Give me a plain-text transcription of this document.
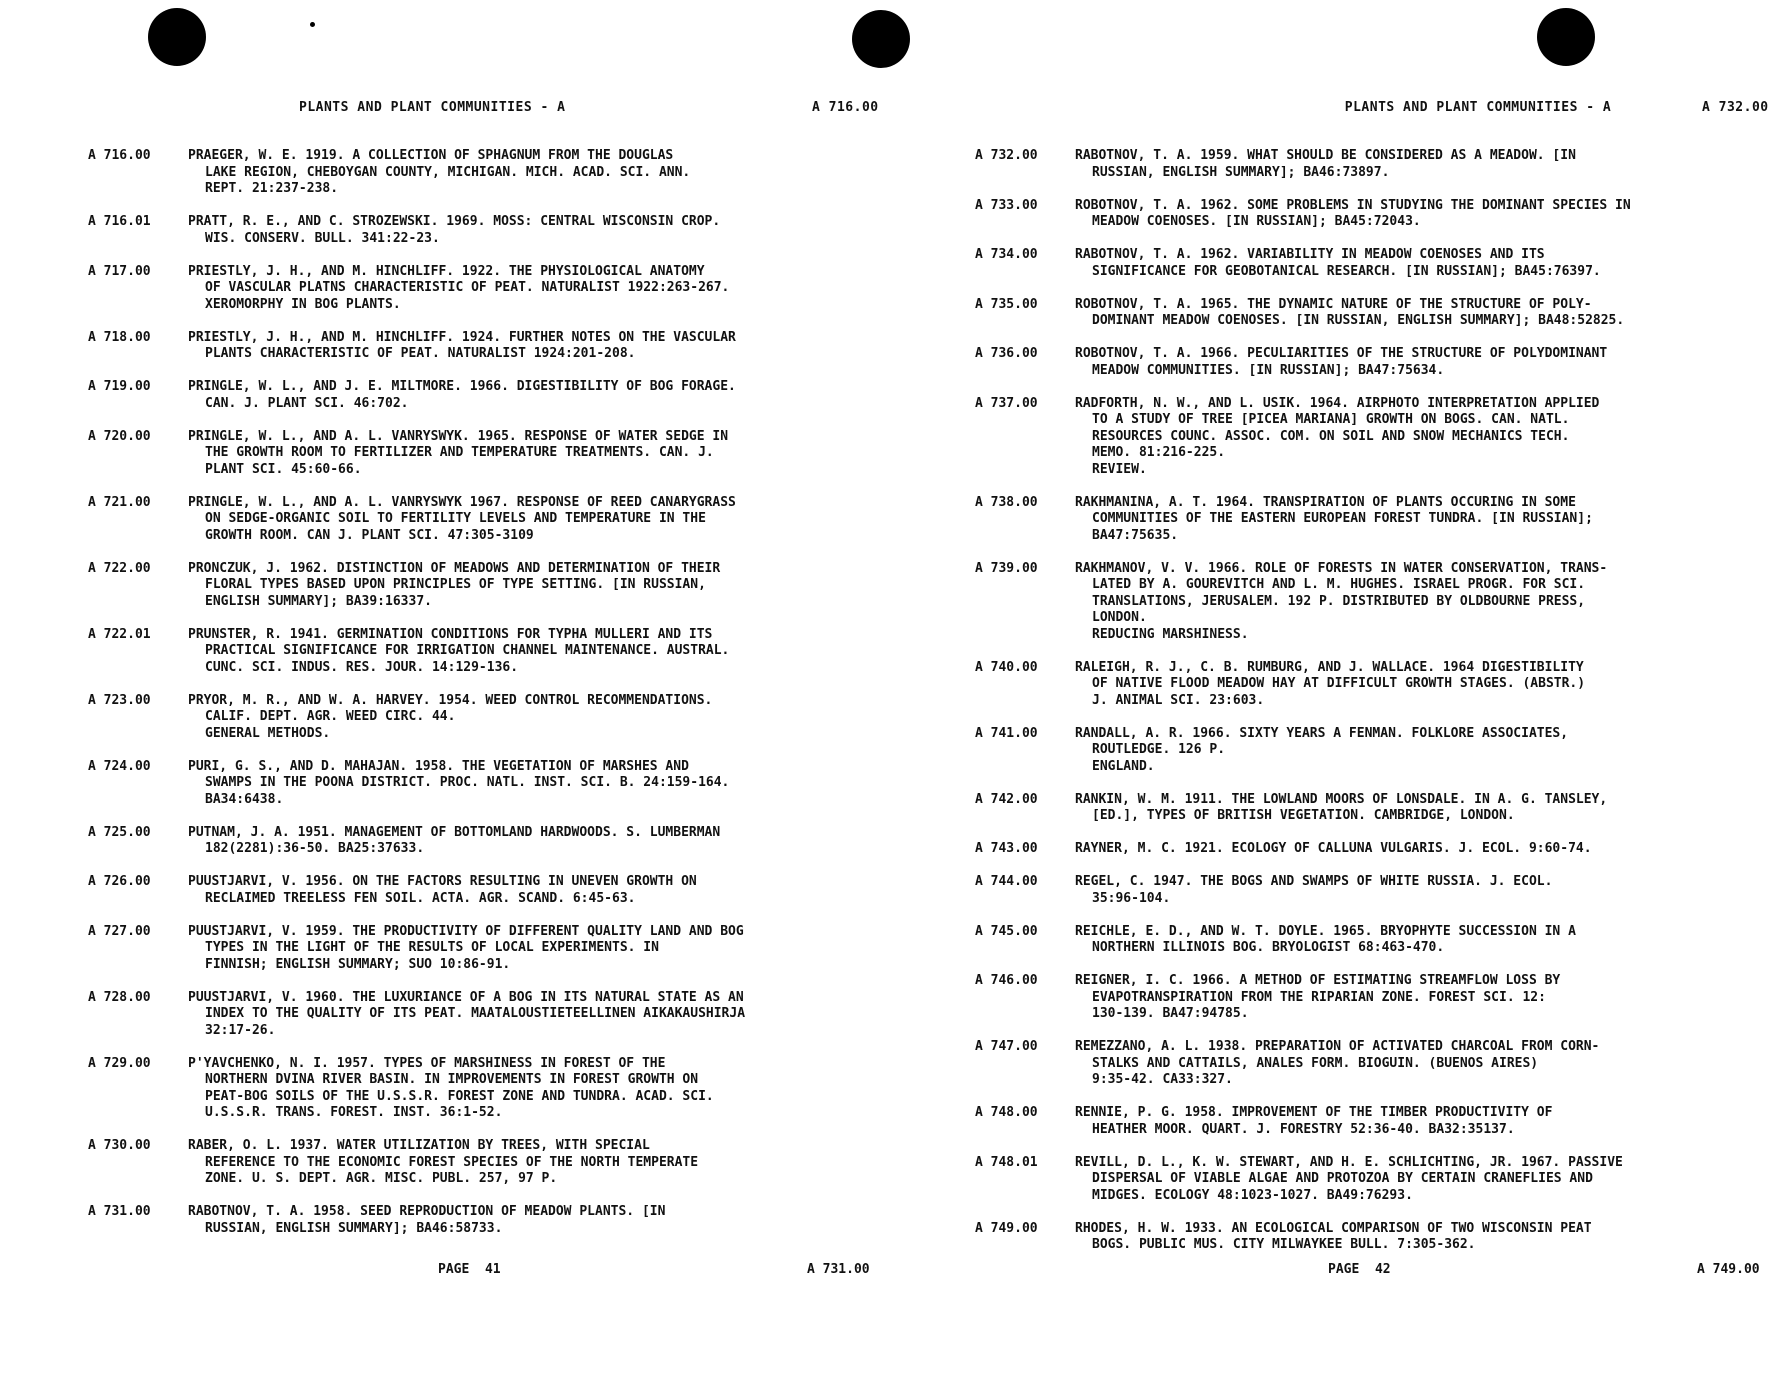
PLANTS AND PLANT COMMUNITIES - A	A 716.00
A 716.00	PRAEGER, W. E. 1919. A COLLECTION OF SPHAGNUM FROM THE DOUGLAS
LAKE REGION, CHEBOYGAN COUNTY, MICHIGAN. MICH. ACAD. SCI. ANN.
REPT. 21:237-238.
A 716.01	PRATT, R. E., AND C. STROZEWSKI. 1969. MOSS: CENTRAL WISCONSIN CROP.
WIS. CONSERV. BULL. 341:22-23.
A 717.00	PRIESTLY, J. H., AND M. HINCHLIFF. 1922. THE PHYSIOLOGICAL ANATOMY
OF VASCULAR PLATNS CHARACTERISTIC OF PEAT. NATURALIST 1922:263-267.
XEROMORPHY IN BOG PLANTS.
A 718.00	PRIESTLY, J. H., AND M. HINCHLIFF. 1924. FURTHER NOTES ON THE VASCULAR
PLANTS CHARACTERISTIC OF PEAT. NATURALIST 1924:201-208.
A 719.00	PRINGLE, W. L., AND J. E. MILTMORE. 1966. DIGESTIBILITY OF BOG FORAGE.
CAN. J. PLANT SCI. 46:702.
A 720.00	PRINGLE, W. L., AND A. L. VANRYSWYK. 1965. RESPONSE OF WATER SEDGE IN
THE GROWTH ROOM TO FERTILIZER AND TEMPERATURE TREATMENTS. CAN. J.
PLANT SCI. 45:60-66.
A 721.00	PRINGLE, W. L., AND A. L. VANRYSWYK 1967. RESPONSE OF REED CANARYGRASS
ON SEDGE-ORGANIC SOIL TO FERTILITY LEVELS AND TEMPERATURE IN THE
GROWTH ROOM. CAN J. PLANT SCI. 47:305-3109
A 722.00	PRONCZUK, J. 1962. DISTINCTION OF MEADOWS AND DETERMINATION OF THEIR
FLORAL TYPES BASED UPON PRINCIPLES OF TYPE SETTING. [IN RUSSIAN,
ENGLISH SUMMARY]; BA39:16337.
A 722.01	PRUNSTER, R. 1941. GERMINATION CONDITIONS FOR TYPHA MULLERI AND ITS
PRACTICAL SIGNIFICANCE FOR IRRIGATION CHANNEL MAINTENANCE. AUSTRAL.
CUNC. SCI. INDUS. RES. JOUR. 14:129-136.
A 723.00	PRYOR, M. R., AND W. A. HARVEY. 1954. WEED CONTROL RECOMMENDATIONS.
CALIF. DEPT. AGR. WEED CIRC. 44.
GENERAL METHODS.
A 724.00	PURI, G. S., AND D. MAHAJAN. 1958. THE VEGETATION OF MARSHES AND
SWAMPS IN THE POONA DISTRICT. PROC. NATL. INST. SCI. B. 24:159-164.
BA34:6438.
A 725.00	PUTNAM, J. A. 1951. MANAGEMENT OF BOTTOMLAND HARDWOODS. S. LUMBERMAN
182(2281):36-50. BA25:37633.
A 726.00	PUUSTJARVI, V. 1956. ON THE FACTORS RESULTING IN UNEVEN GROWTH ON
RECLAIMED TREELESS FEN SOIL. ACTA. AGR. SCAND. 6:45-63.
A 727.00	PUUSTJARVI, V. 1959. THE PRODUCTIVITY OF DIFFERENT QUALITY LAND AND BOG
TYPES IN THE LIGHT OF THE RESULTS OF LOCAL EXPERIMENTS. IN
FINNISH; ENGLISH SUMMARY; SUO 10:86-91.
A 728.00	PUUSTJARVI, V. 1960. THE LUXURIANCE OF A BOG IN ITS NATURAL STATE AS AN
INDEX TO THE QUALITY OF ITS PEAT. MAATALOUSTIETEELLINEN AIKAKAUSHIRJA
32:17-26.
A 729.00	P'YAVCHENKO, N. I. 1957. TYPES OF MARSHINESS IN FOREST OF THE
NORTHERN DVINA RIVER BASIN. IN IMPROVEMENTS IN FOREST GROWTH ON
PEAT-BOG SOILS OF THE U.S.S.R. FOREST ZONE AND TUNDRA. ACAD. SCI.
U.S.S.R. TRANS. FOREST. INST. 36:1-52.
A 730.00	RABER, O. L. 1937. WATER UTILIZATION BY TREES, WITH SPECIAL
REFERENCE TO THE ECONOMIC FOREST SPECIES OF THE NORTH TEMPERATE
ZONE. U. S. DEPT. AGR. MISC. PUBL. 257, 97 P.
A 731.00	RABOTNOV, T. A. 1958. SEED REPRODUCTION OF MEADOW PLANTS. [IN
RUSSIAN, ENGLISH SUMMARY]; BA46:58733.
PAGE  41	A 731.00
PLANTS AND PLANT COMMUNITIES - A	A 732.00
A 732.00	RABOTNOV, T. A. 1959. WHAT SHOULD BE CONSIDERED AS A MEADOW. [IN
RUSSIAN, ENGLISH SUMMARY]; BA46:73897.
A 733.00	ROBOTNOV, T. A. 1962. SOME PROBLEMS IN STUDYING THE DOMINANT SPECIES IN
MEADOW COENOSES. [IN RUSSIAN]; BA45:72043.
A 734.00	RABOTNOV, T. A. 1962. VARIABILITY IN MEADOW COENOSES AND ITS
SIGNIFICANCE FOR GEOBOTANICAL RESEARCH. [IN RUSSIAN]; BA45:76397.
A 735.00	ROBOTNOV, T. A. 1965. THE DYNAMIC NATURE OF THE STRUCTURE OF POLY-
DOMINANT MEADOW COENOSES. [IN RUSSIAN, ENGLISH SUMMARY]; BA48:52825.
A 736.00	ROBOTNOV, T. A. 1966. PECULIARITIES OF THE STRUCTURE OF POLYDOMINANT
MEADOW COMMUNITIES. [IN RUSSIAN]; BA47:75634.
A 737.00	RADFORTH, N. W., AND L. USIK. 1964. AIRPHOTO INTERPRETATION APPLIED
TO A STUDY OF TREE [PICEA MARIANA] GROWTH ON BOGS. CAN. NATL.
RESOURCES COUNC. ASSOC. COM. ON SOIL AND SNOW MECHANICS TECH.
MEMO. 81:216-225.
REVIEW.
A 738.00	RAKHMANINA, A. T. 1964. TRANSPIRATION OF PLANTS OCCURING IN SOME
COMMUNITIES OF THE EASTERN EUROPEAN FOREST TUNDRA. [IN RUSSIAN];
BA47:75635.
A 739.00	RAKHMANOV, V. V. 1966. ROLE OF FORESTS IN WATER CONSERVATION, TRANS-
LATED BY A. GOUREVITCH AND L. M. HUGHES. ISRAEL PROGR. FOR SCI.
TRANSLATIONS, JERUSALEM. 192 P. DISTRIBUTED BY OLDBOURNE PRESS,
LONDON.
REDUCING MARSHINESS.
A 740.00	RALEIGH, R. J., C. B. RUMBURG, AND J. WALLACE. 1964 DIGESTIBILITY
OF NATIVE FLOOD MEADOW HAY AT DIFFICULT GROWTH STAGES. (ABSTR.)
J. ANIMAL SCI. 23:603.
A 741.00	RANDALL, A. R. 1966. SIXTY YEARS A FENMAN. FOLKLORE ASSOCIATES,
ROUTLEDGE. 126 P.
ENGLAND.
A 742.00	RANKIN, W. M. 1911. THE LOWLAND MOORS OF LONSDALE. IN A. G. TANSLEY,
[ED.], TYPES OF BRITISH VEGETATION. CAMBRIDGE, LONDON.
A 743.00	RAYNER, M. C. 1921. ECOLOGY OF CALLUNA VULGARIS. J. ECOL. 9:60-74.
A 744.00	REGEL, C. 1947. THE BOGS AND SWAMPS OF WHITE RUSSIA. J. ECOL.
35:96-104.
A 745.00	REICHLE, E. D., AND W. T. DOYLE. 1965. BRYOPHYTE SUCCESSION IN A
NORTHERN ILLINOIS BOG. BRYOLOGIST 68:463-470.
A 746.00	REIGNER, I. C. 1966. A METHOD OF ESTIMATING STREAMFLOW LOSS BY
EVAPOTRANSPIRATION FROM THE RIPARIAN ZONE. FOREST SCI. 12:
130-139. BA47:94785.
A 747.00	REMEZZANO, A. L. 1938. PREPARATION OF ACTIVATED CHARCOAL FROM CORN-
STALKS AND CATTAILS, ANALES FORM. BIOGUIN. (BUENOS AIRES)
9:35-42. CA33:327.
A 748.00	RENNIE, P. G. 1958. IMPROVEMENT OF THE TIMBER PRODUCTIVITY OF
HEATHER MOOR. QUART. J. FORESTRY 52:36-40. BA32:35137.
A 748.01	REVILL, D. L., K. W. STEWART, AND H. E. SCHLICHTING, JR. 1967. PASSIVE
DISPERSAL OF VIABLE ALGAE AND PROTOZOA BY CERTAIN CRANEFLIES AND
MIDGES. ECOLOGY 48:1023-1027. BA49:76293.
A 749.00	RHODES, H. W. 1933. AN ECOLOGICAL COMPARISON OF TWO WISCONSIN PEAT
BOGS. PUBLIC MUS. CITY MILWAYKEE BULL. 7:305-362.
PAGE  42	A 749.00
